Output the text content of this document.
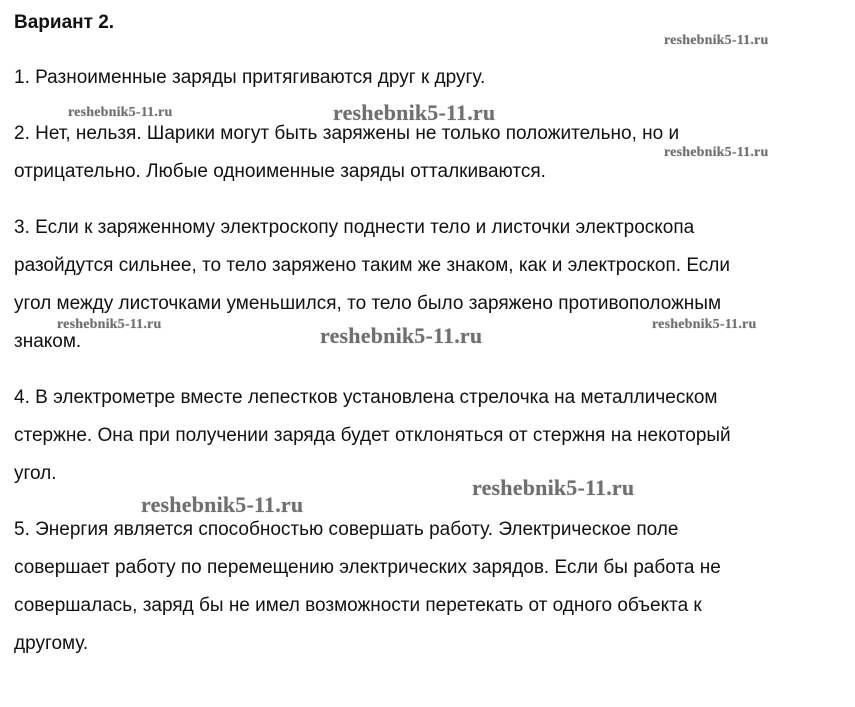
Вариант 2.
1. Разноименные заряды притягиваются друг к другу.
2. Нет, нельзя. Шарики могут быть заряжены не только положительно, но и
отрицательно. Любые одноименные заряды отталкиваются.
3. Если к заряженному электроскопу поднести тело и листочки электроскопа
разойдутся сильнее, то тело заряжено таким же знаком, как и электроскоп. Если
угол между листочками уменьшился, то тело было заряжено противоположным
знаком.
4. В электрометре вместе лепестков установлена стрелочка на металлическом
стержне. Она при получении заряда будет отклоняться от стержня на некоторый
угол.
5. Энергия является способностью совершать работу. Электрическое поле
совершает работу по перемещению электрических зарядов. Если бы работа не
совершалась, заряд бы не имел возможности перетекать от одного объекта к
другому.
reshebnik5-11.ru
reshebnik5-11.ru	reshebnik5-11.ru
reshebnik5-11.ru
reshebnik5-11.ru	reshebnik5-11.ru	reshebnik5-11.ru
reshebnik5-11.ru
reshebnik5-11.ru
